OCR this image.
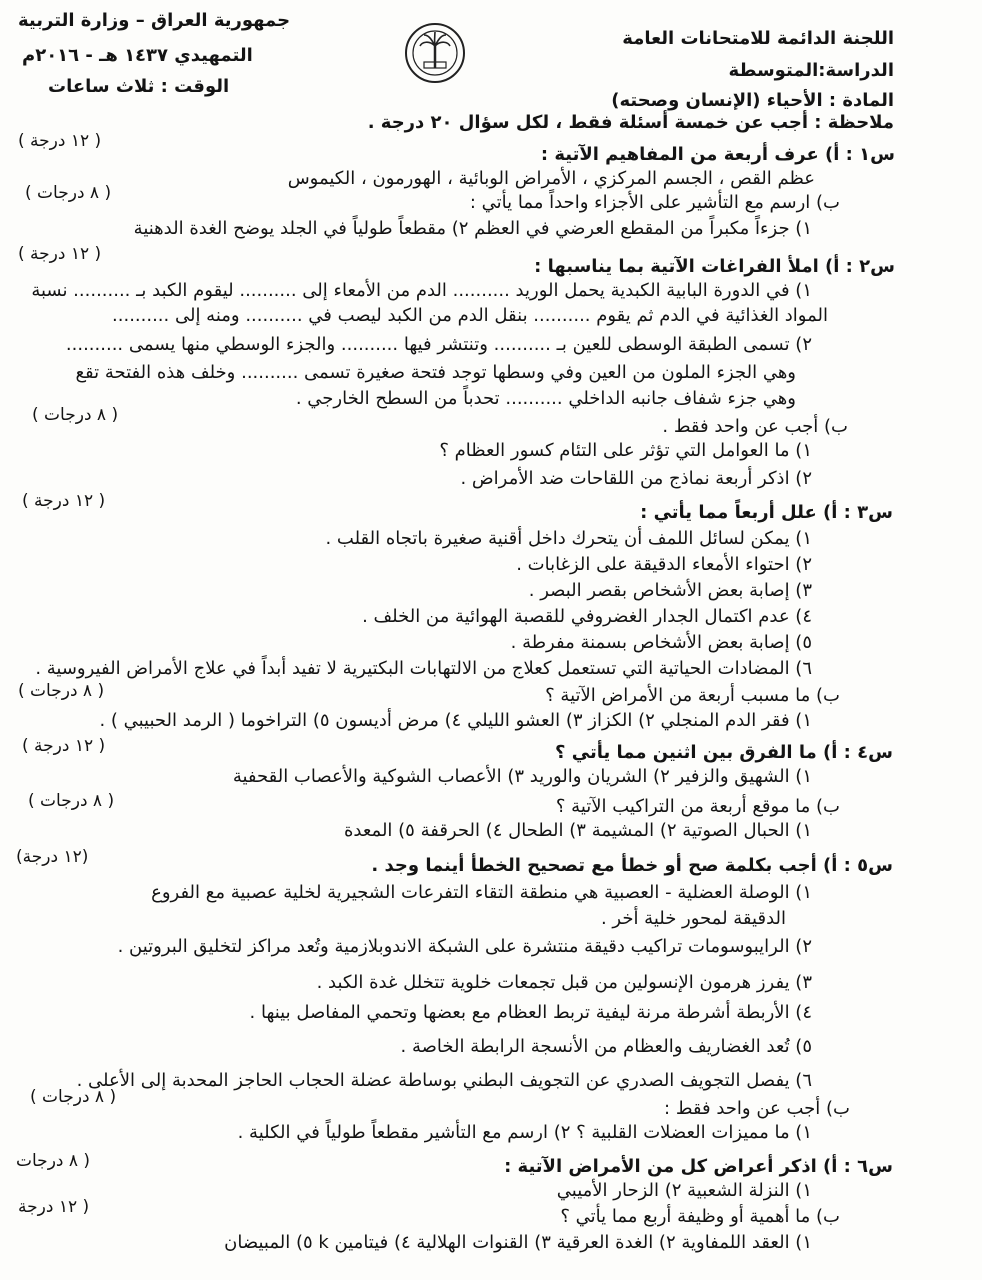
اللجنة الدائمة للامتحانات العامة
الدراسة:المتوسطة
المادة : الأحياء (الإنسان وصحته)
جمهورية العراق – وزارة التربية
التمهيدي ١٤٣٧ هـ - ٢٠١٦م
الوقت : ثلاث ساعات
ملاحظة : أجب عن خمسة أسئلة فقط ، لكل سؤال ٢٠ درجة .
س١ : أ) عرف أربعة من المفاهيم الآتية :
( ١٢ درجة )
عظم القص ، الجسم المركزي ، الأمراض الوبائية ، الهورمون ، الكيموس
ب) ارسم مع التأشير على الأجزاء واحداً مما يأتي :
( ٨ درجات )
١) جزءاً مكبراً من المقطع العرضي في العظم ٢) مقطعاً طولياً في الجلد يوضح الغدة الدهنية
س٢ : أ) املأ الفراغات الآتية بما يناسبها :
( ١٢ درجة )
١) في الدورة البابية الكبدية يحمل الوريد .......... الدم من الأمعاء إلى .......... ليقوم الكبد بـ .......... نسبة
المواد الغذائية في الدم ثم يقوم .......... بنقل الدم من الكبد ليصب في .......... ومنه إلى ..........
٢) تسمى الطبقة الوسطى للعين بـ .......... وتنتشر فيها .......... والجزء الوسطي منها يسمى ..........
وهي الجزء الملون من العين وفي وسطها توجد فتحة صغيرة تسمى .......... وخلف هذه الفتحة تقع
وهي جزء شفاف جانبه الداخلي .......... تحدباً من السطح الخارجي .
ب) أجب عن واحد فقط .
( ٨ درجات )
١) ما العوامل التي تؤثر على التئام كسور العظام ؟
٢) اذكر أربعة نماذج من اللقاحات ضد الأمراض .
س٣ : أ) علل أربعاً مما يأتي :
( ١٢ درجة )
١) يمكن لسائل اللمف أن يتحرك داخل أقنية صغيرة باتجاه القلب .
٢) احتواء الأمعاء الدقيقة على الزغابات .
٣) إصابة بعض الأشخاص بقصر البصر .
٤) عدم اكتمال الجدار الغضروفي للقصبة الهوائية من الخلف .
٥) إصابة بعض الأشخاص بسمنة مفرطة .
٦) المضادات الحياتية التي تستعمل كعلاج من الالتهابات البكتيرية لا تفيد أبداً في علاج الأمراض الفيروسية .
ب) ما مسبب أربعة من الأمراض الآتية ؟
( ٨ درجات )
١) فقر الدم المنجلي ٢) الكزاز ٣) العشو الليلي ٤) مرض أديسون ٥) التراخوما ( الرمد الحبيبي ) .
س٤ : أ) ما الفرق بين اثنين مما يأتي ؟
( ١٢ درجة )
١) الشهيق والزفير ٢) الشريان والوريد ٣) الأعصاب الشوكية والأعصاب القحفية
ب) ما موقع أربعة من التراكيب الآتية ؟
( ٨ درجات )
١) الحبال الصوتية ٢) المشيمة ٣) الطحال ٤) الحرقفة ٥) المعدة
س٥ : أ) أجب بكلمة صح أو خطأ مع تصحيح الخطأ أينما وجد .
(١٢ درجة)
١) الوصلة العضلية - العصبية هي منطقة التقاء التفرعات الشجيرية لخلية عصبية مع الفروع
الدقيقة لمحور خلية أخر .
٢) الرايبوسومات تراكيب دقيقة منتشرة على الشبكة الاندوبلازمية وتُعد مراكز لتخليق البروتين .
٣) يفرز هرمون الإنسولين من قبل تجمعات خلوية تتخلل غدة الكبد .
٤) الأربطة أشرطة مرنة ليفية تربط العظام مع بعضها وتحمي المفاصل بينها .
٥) تُعد الغضاريف والعظام من الأنسجة الرابطة الخاصة .
٦) يفصل التجويف الصدري عن التجويف البطني بوساطة عضلة الحجاب الحاجز المحدبة إلى الأعلى .
ب) أجب عن واحد فقط :
( ٨ درجات )
١) ما مميزات العضلات القلبية ؟ ٢) ارسم مع التأشير مقطعاً طولياً في الكلية .
س٦ : أ) اذكر أعراض كل من الأمراض الآتية :
( ٨ درجات
١) النزلة الشعبية ٢) الزحار الأميبي
ب) ما أهمية أو وظيفة أربع مما يأتي ؟
( ١٢ درجة
١) العقد اللمفاوية ٢) الغدة العرقية ٣) القنوات الهلالية ٤) فيتامين k ٥) المبيضان
